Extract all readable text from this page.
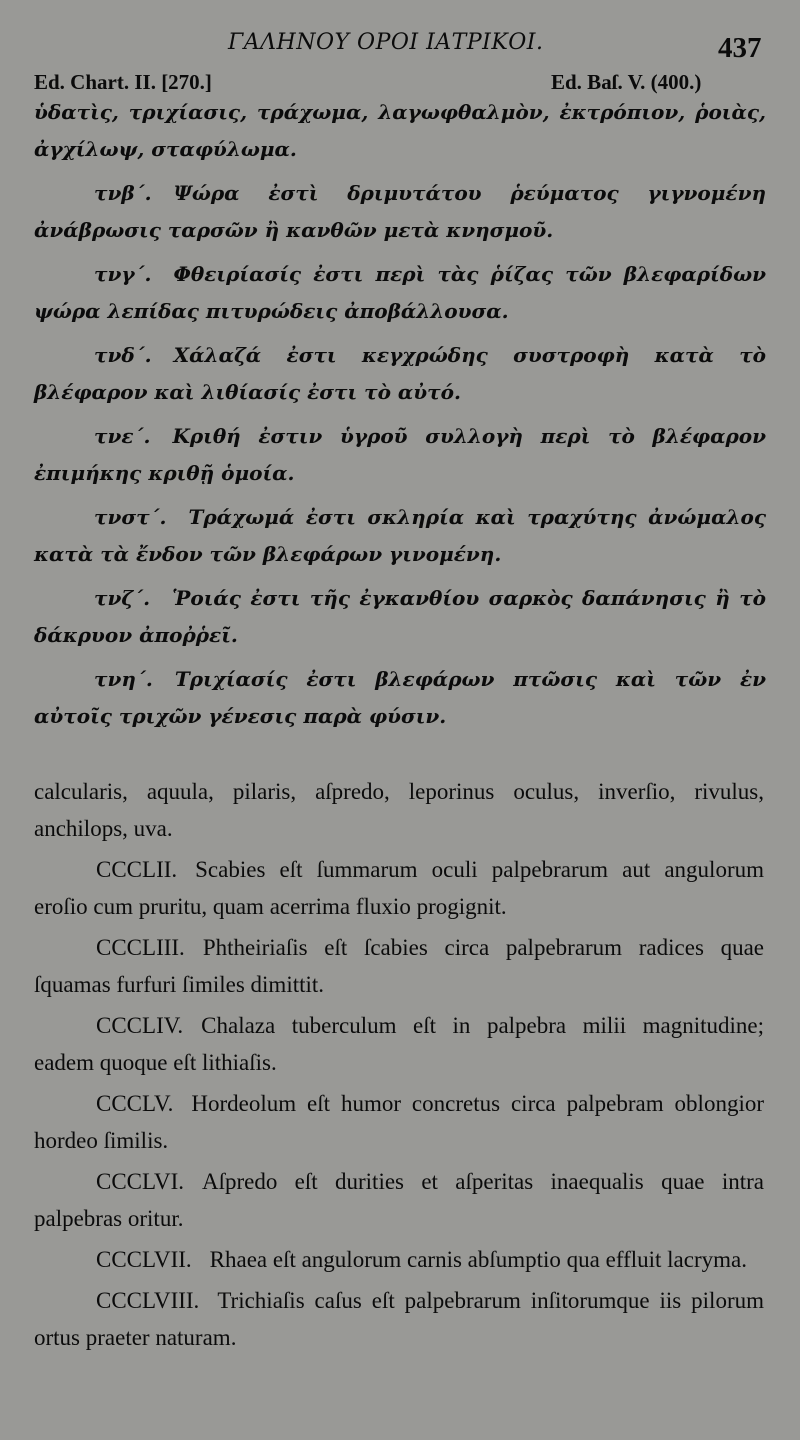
ΓΑΛΗΝΟΥ ΟΡΟΙ ΙΑΤΡΙΚΟΙ.	437
Ed. Chart. II. [270.]	Ed. Baſ. V. (400.)

ὑδατὶς, τριχίασις, τράχωμα, λαγωφθαλμὸν, ἐκτρόπιον, ῥοιὰς, ἀγχίλωψ, σταφύλωμα.

τνβ΄. Ψώρα ἐστὶ δριμυτάτου ῥεύματος γιγνομένη ἀνάβρωσις ταρσῶν ἢ κανθῶν μετὰ κνησμοῦ.

τνγ΄. Φθειρίασίς ἐστι περὶ τὰς ῥίζας τῶν βλεφαρίδων ψώρα λεπίδας πιτυρώδεις ἀποβάλλουσα.

τνδ΄. Χάλαζά ἐστι κεγχρώδης συστροφὴ κατὰ τὸ βλέφαρον καὶ λιθίασίς ἐστι τὸ αὐτό.

τνε΄. Κριθή ἐστιν ὑγροῦ συλλογὴ περὶ τὸ βλέφαρον ἐπιμήκης κριθῇ ὁμοία.

τνστ΄. Τράχωμά ἐστι σκληρία καὶ τραχύτης ἀνώμαλος κατὰ τὰ ἔνδον τῶν βλεφάρων γινομένη.

τνζ΄. Ῥοιάς ἐστι τῆς ἐγκανθίου σαρκὸς δαπάνησις ἢ τὸ δάκρυον ἀποῤῥεῖ.

τνη΄. Τριχίασίς ἐστι βλεφάρων πτῶσις καὶ τῶν ἐν αὐτοῖς τριχῶν γένεσις παρὰ φύσιν.

calcularis, aquula, pilaris, aſpredo, leporinus oculus, inverſio, rivulus, anchilops, uva.

CCCLII. Scabies eſt ſummarum oculi palpebrarum aut angulorum eroſio cum pruritu, quam acerrima fluxio progignit.

CCCLIII. Phtheiriaſis eſt ſcabies circa palpebrarum radices quae ſquamas furfuri ſimiles dimittit.

CCCLIV. Chalaza tuberculum eſt in palpebra milii magnitudine; eadem quoque eſt lithiaſis.

CCCLV. Hordeolum eſt humor concretus circa palpebram oblongior hordeo ſimilis.

CCCLVI. Aſpredo eſt durities et aſperitas inaequalis quae intra palpebras oritur.

CCCLVII. Rhaea eſt angulorum carnis abſumptio qua effluit lacryma.

CCCLVIII. Trichiaſis caſus eſt palpebrarum inſitorumque iis pilorum ortus praeter naturam.
